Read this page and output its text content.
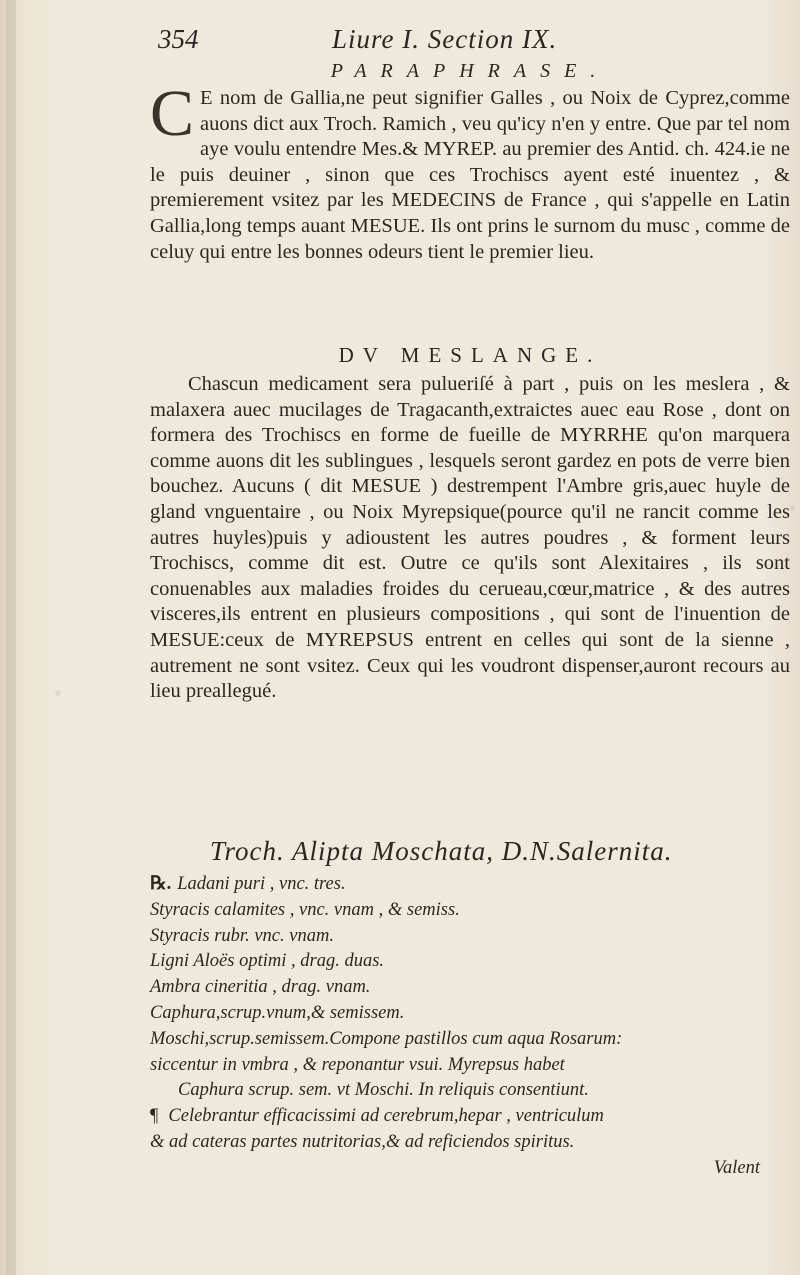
354	Liure I. Section IX.
PARAPHRASE.
C E nom de Gallia,ne peut signifier Galles , ou Noix de Cyprez,comme auons dict aux Troch. Ramich , veu qu'icy n'en y entre. Que par tel nom aye voulu entendre Mes.& MYREP. au premier des Antid. ch. 424.ie ne le puis deuiner , sinon que ces Trochiscs ayent esté inuentez , & premierement vsitez par les MEDECINS de France , qui s'appelle en Latin Gallia,long temps auant MESUE. Ils ont prins le surnom du musc , comme de celuy qui entre les bonnes odeurs tient le premier lieu.
DV MESLANGE.
Chascun medicament sera pulueriſé à part , puis on les meslera , & malaxera auec mucilages de Tragacanth,extraictes auec eau Rose , dont on formera des Trochiscs en forme de fueille de MYRRHE qu'on marquera comme auons dit les sublingues , lesquels seront gardez en pots de verre bien bouchez. Aucuns ( dit MESUE ) destrempent l'Ambre gris,auec huyle de gland vnguentaire , ou Noix Myrepsique(pource qu'il ne rancit comme les autres huyles)puis y adioustent les autres poudres , & forment leurs Trochiscs, comme dit est. Outre ce qu'ils sont Alexitaires , ils sont conuenables aux maladies froides du cerueau,cœur,matrice , & des autres visceres,ils entrent en plusieurs compositions , qui sont de l'inuention de MESUE:ceux de MYREPSUS entrent en celles qui sont de la sienne , autrement ne sont vsitez. Ceux qui les voudront dispenser,auront recours au lieu preallegué.
Troch. Alipta Moschata, D.N.Salernita.
℞. Ladani puri , vnc. tres.
Styracis calamites , vnc. vnam , & semiss.
Styracis rubr. vnc. vnam.
Ligni Aloës optimi , drag. duas.
Ambra cineritia , drag. vnam.
Caphura,scrup.vnum,& semissem.
Moschi,scrup.semissem.Compone pastillos cum aqua Rosarum:
siccentur in vmbra , & reponantur vsui. Myrepsus habet
Caphura scrup. sem. vt Moschi. In reliquis consentiunt.
¶ Celebrantur efficacissimi ad cerebrum,hepar , ventriculum
& ad cateras partes nutritorias,& ad reficiendos spiritus.
Valent
